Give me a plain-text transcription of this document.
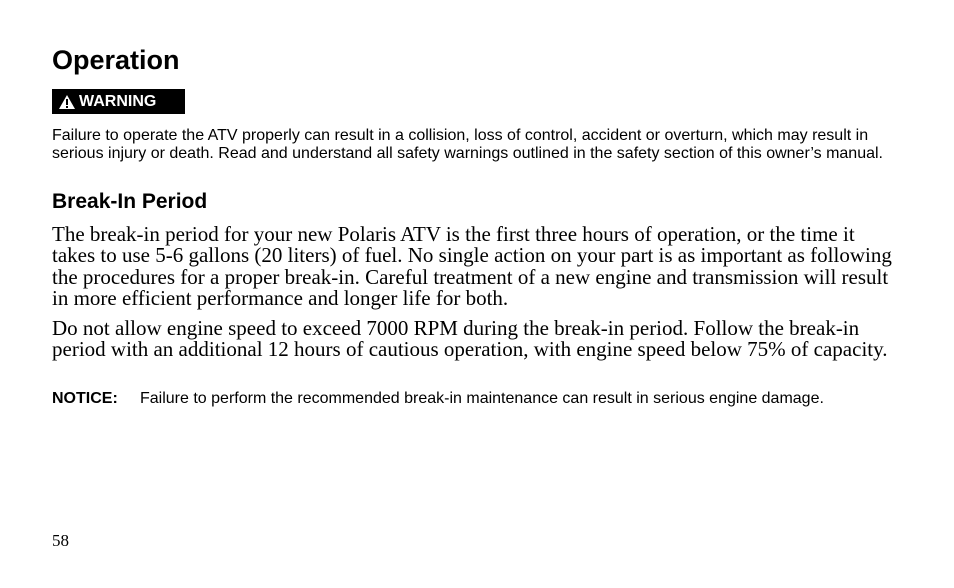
Operation
WARNING

Failure to operate the ATV properly can result in a collision, loss of control, accident or overturn, which may result in serious injury or death. Read and understand all safety warnings outlined in the safety section of this owner’s manual.

Break-In Period

The break-in period for your new Polaris ATV is the first three hours of operation, or the time it takes to use 5-6 gallons (20 liters) of fuel. No single action on your part is as important as following the procedures for a proper break-in. Careful treatment of a new engine and transmission will result in more efficient performance and longer life for both.

Do not allow engine speed to exceed 7000 RPM during the break-in period. Follow the break-in period with an additional 12 hours of cautious operation, with engine speed below 75% of capacity.

NOTICE: Failure to perform the recommended break-in maintenance can result in serious engine damage.

58
